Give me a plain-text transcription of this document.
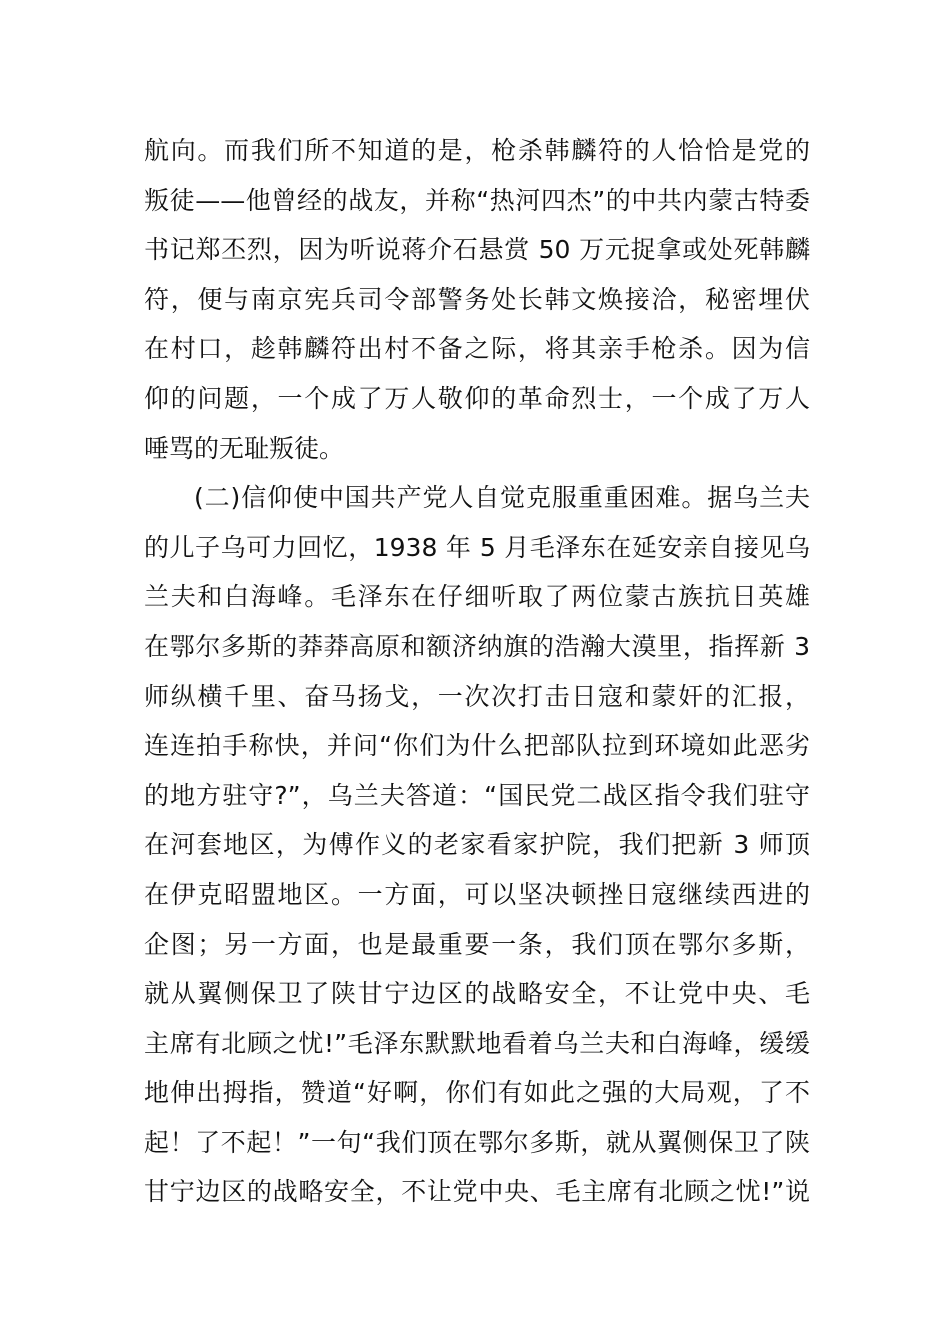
航向。而我们所不知道的是，枪杀韩麟符的人恰恰是党的
叛徒——他曾经的战友，并称“热河四杰”的中共内蒙古特委
书记郑丕烈，因为听说蒋介石悬赏 50 万元捉拿或处死韩麟
符，便与南京宪兵司令部警务处长韩文焕接洽，秘密埋伏
在村口，趁韩麟符出村不备之际，将其亲手枪杀。因为信
仰的问题，一个成了万人敬仰的革命烈士，一个成了万人
唾骂的无耻叛徒。
(二)信仰使中国共产党人自觉克服重重困难。据乌兰夫
的儿子乌可力回忆，1938 年 5 月毛泽东在延安亲自接见乌
兰夫和白海峰。毛泽东在仔细听取了两位蒙古族抗日英雄
在鄂尔多斯的莽莽高原和额济纳旗的浩瀚大漠里，指挥新 3
师纵横千里、奋马扬戈，一次次打击日寇和蒙奸的汇报，
连连拍手称快，并问“你们为什么把部队拉到环境如此恶劣
的地方驻守?”，乌兰夫答道：“国民党二战区指令我们驻守
在河套地区，为傅作义的老家看家护院，我们把新 3 师顶
在伊克昭盟地区。一方面，可以坚决顿挫日寇继续西进的
企图；另一方面，也是最重要一条，我们顶在鄂尔多斯，
就从翼侧保卫了陕甘宁边区的战略安全，不让党中央、毛
主席有北顾之忧!”毛泽东默默地看着乌兰夫和白海峰，缓缓
地伸出拇指，赞道“好啊，你们有如此之强的大局观，了不
起！了不起！”一句“我们顶在鄂尔多斯，就从翼侧保卫了陕
甘宁边区的战略安全，不让党中央、毛主席有北顾之忧!”说
